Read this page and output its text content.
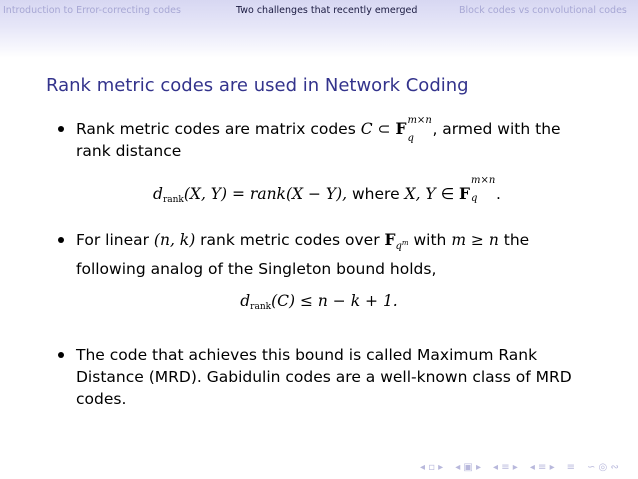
Introduction to Error-correcting codes	Two challenges that recently emerged	Block codes vs convolutional codes
Rank metric codes are used in Network Coding
Rank metric codes are matrix codes C ⊂ F m×n
q
, armed with the rank distance
$d_{rank}(X$, Y) = rank(X − Y), where X, Y ∈ F
m×n
q .
For linear (n, k) rank metric codes over $F_{q^m}$ with m ≥ n the following analog of the Singleton bound holds,
$d_{rank}(C) \le n - k + 1$.
The code that achieves this bound is called Maximum Rank Distance (MRD). Gabidulin codes are a well-known class of MRD codes.
◂ ▫ ▸ ◂ ▣ ▸ ◂ ≡ ▸ ◂ ≡ ▸ ≡ ∽ ◎ ∾
